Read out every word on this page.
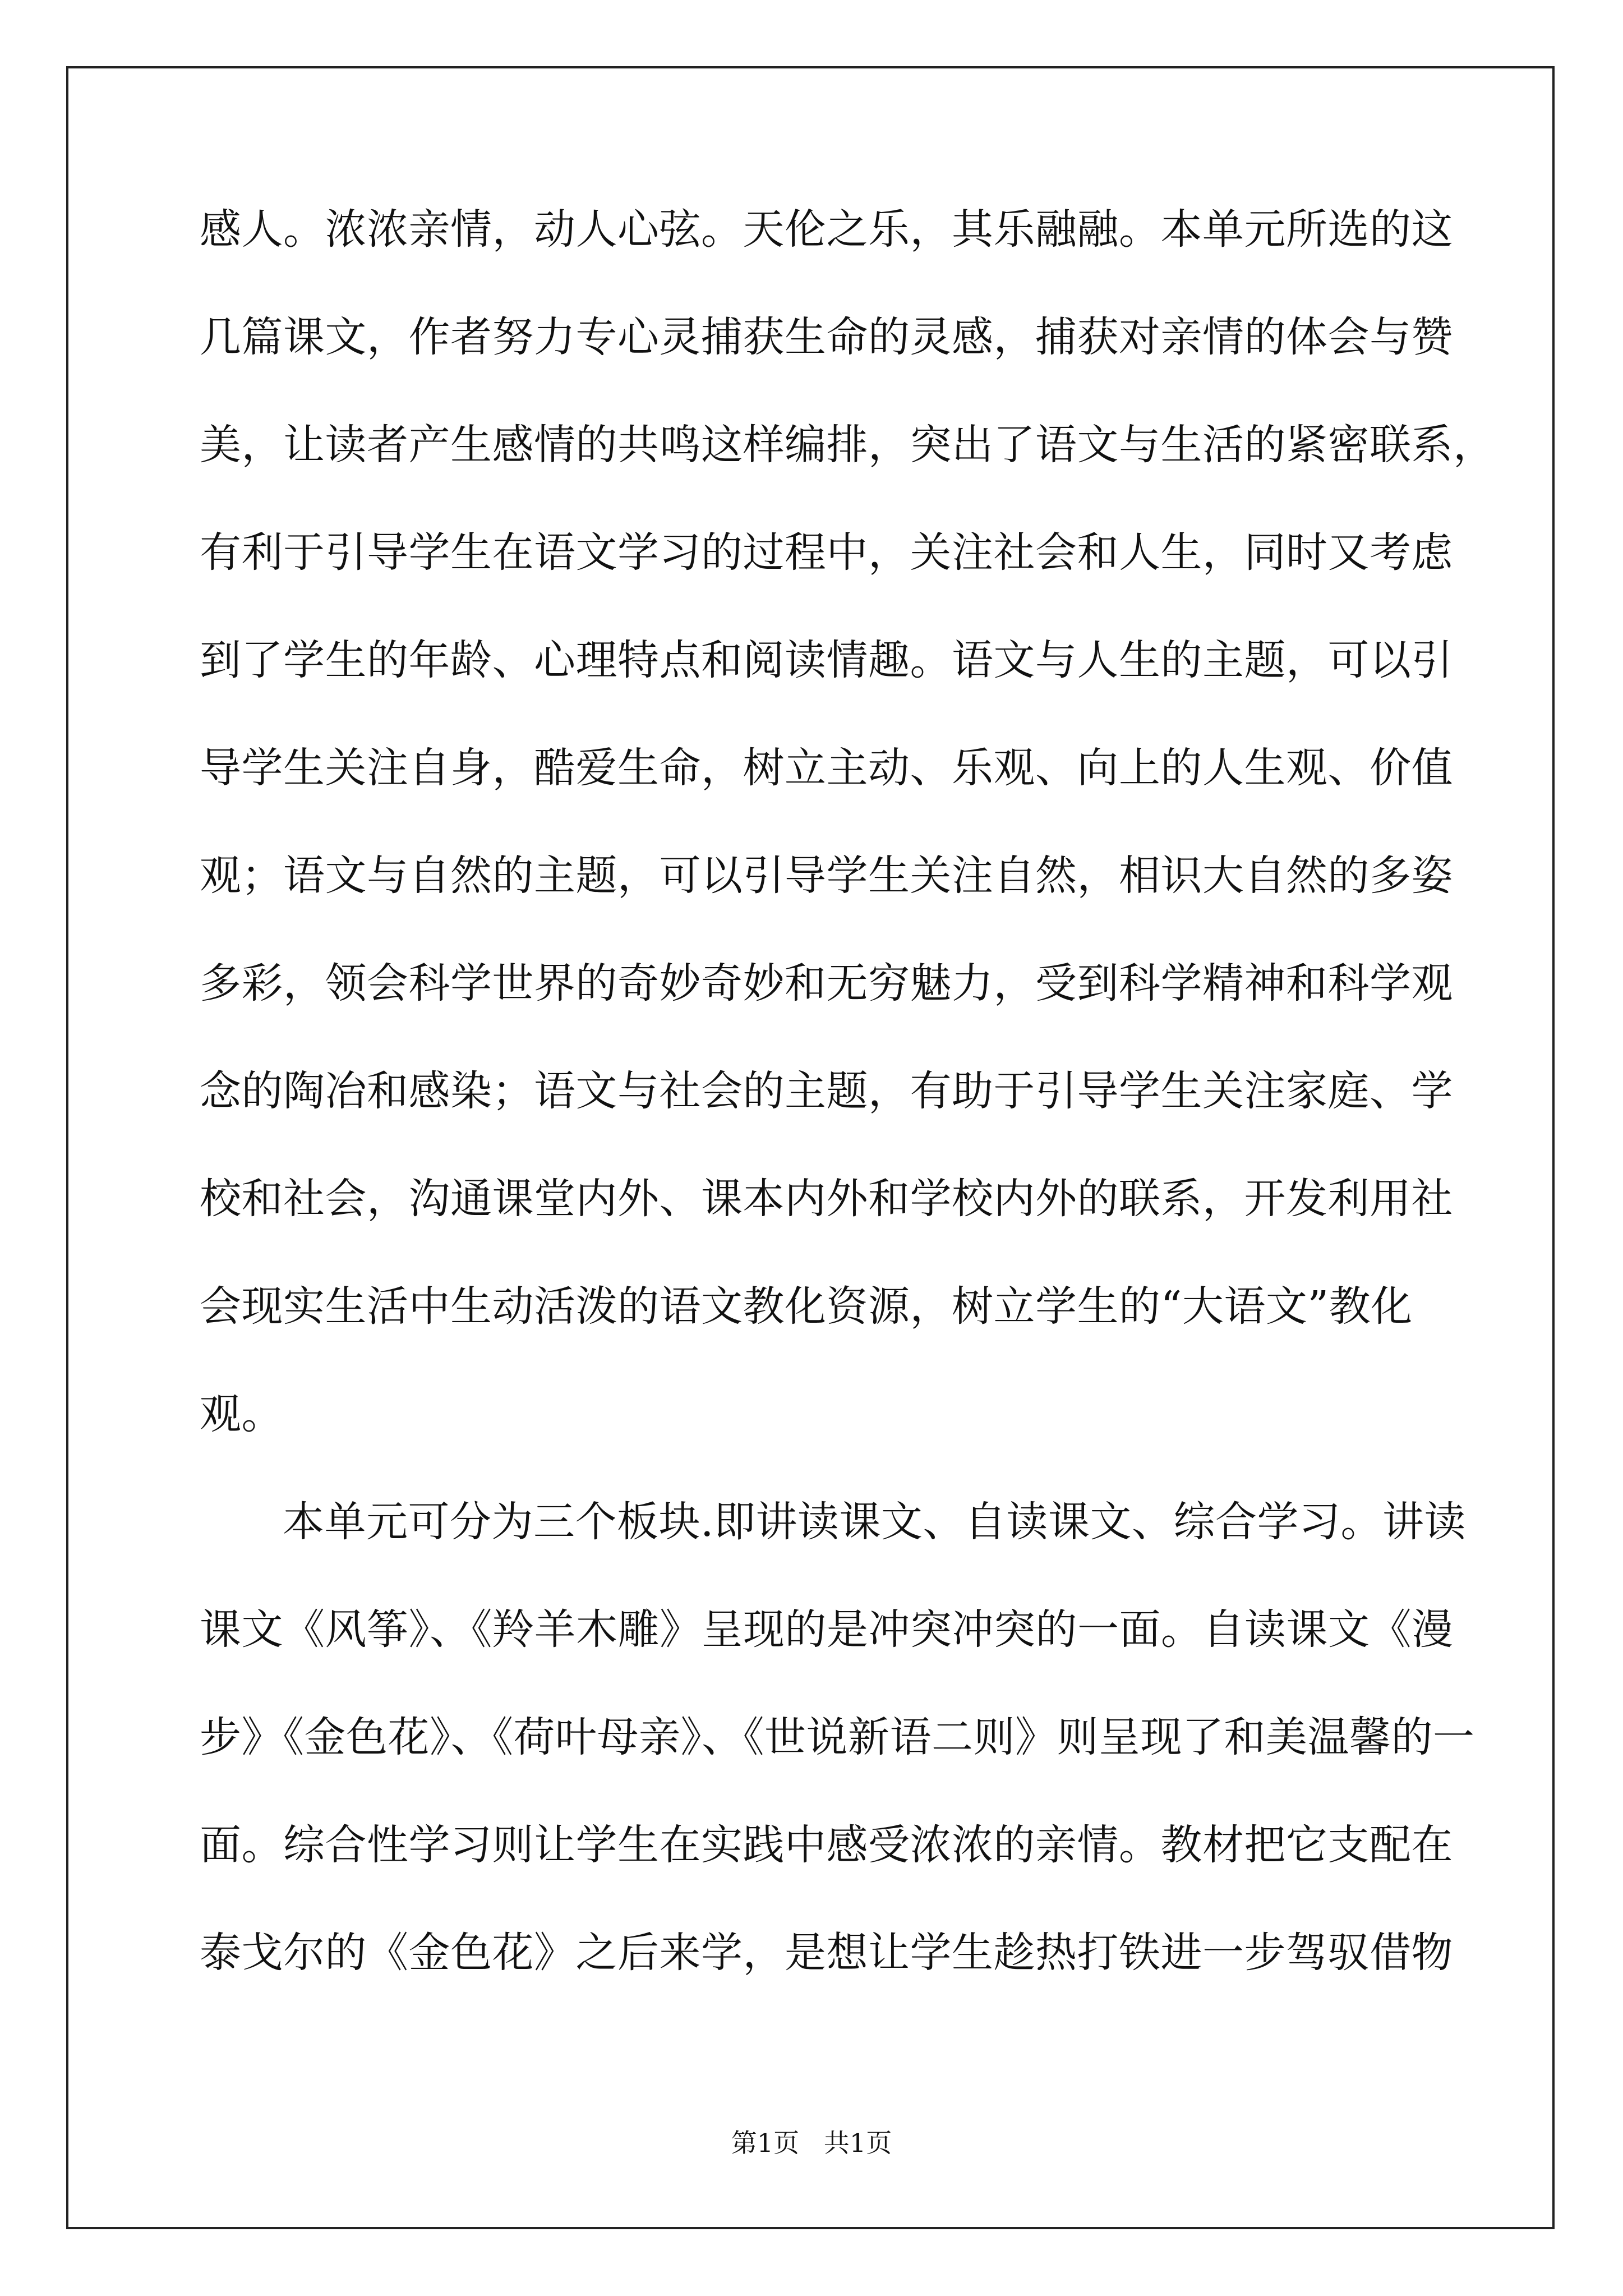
感人。浓浓亲情，动人心弦。天伦之乐，其乐融融。本单元所选的这
几篇课文，作者努力专心灵捕获生命的灵感，捕获对亲情的体会与赞
美，让读者产生感情的共鸣这样编排，突出了语文与生活的紧密联系，
有利于引导学生在语文学习的过程中，关注社会和人生，同时又考虑
到了学生的年龄、心理特点和阅读情趣。语文与人生的主题，可以引
导学生关注自身，酷爱生命，树立主动、乐观、向上的人生观、价值
观；语文与自然的主题，可以引导学生关注自然，相识大自然的多姿
多彩，领会科学世界的奇妙奇妙和无穷魅力，受到科学精神和科学观
念的陶冶和感染；语文与社会的主题，有助于引导学生关注家庭、学
校和社会，沟通课堂内外、课本内外和学校内外的联系，开发利用社
会现实生活中生动活泼的语文教化资源，树立学生的“大语文”教化
观。
本单元可分为三个板块.即讲读课文、自读课文、综合学习。讲读
课文《风筝》、《羚羊木雕》呈现的是冲突冲突的一面。自读课文《漫
步》《金色花》、《荷叶母亲》、《世说新语二则》则呈现了和美温馨的一
面。综合性学习则让学生在实践中感受浓浓的亲情。教材把它支配在
泰戈尔的《金色花》之后来学，是想让学生趁热打铁进一步驾驭借物
第1页   共1页
